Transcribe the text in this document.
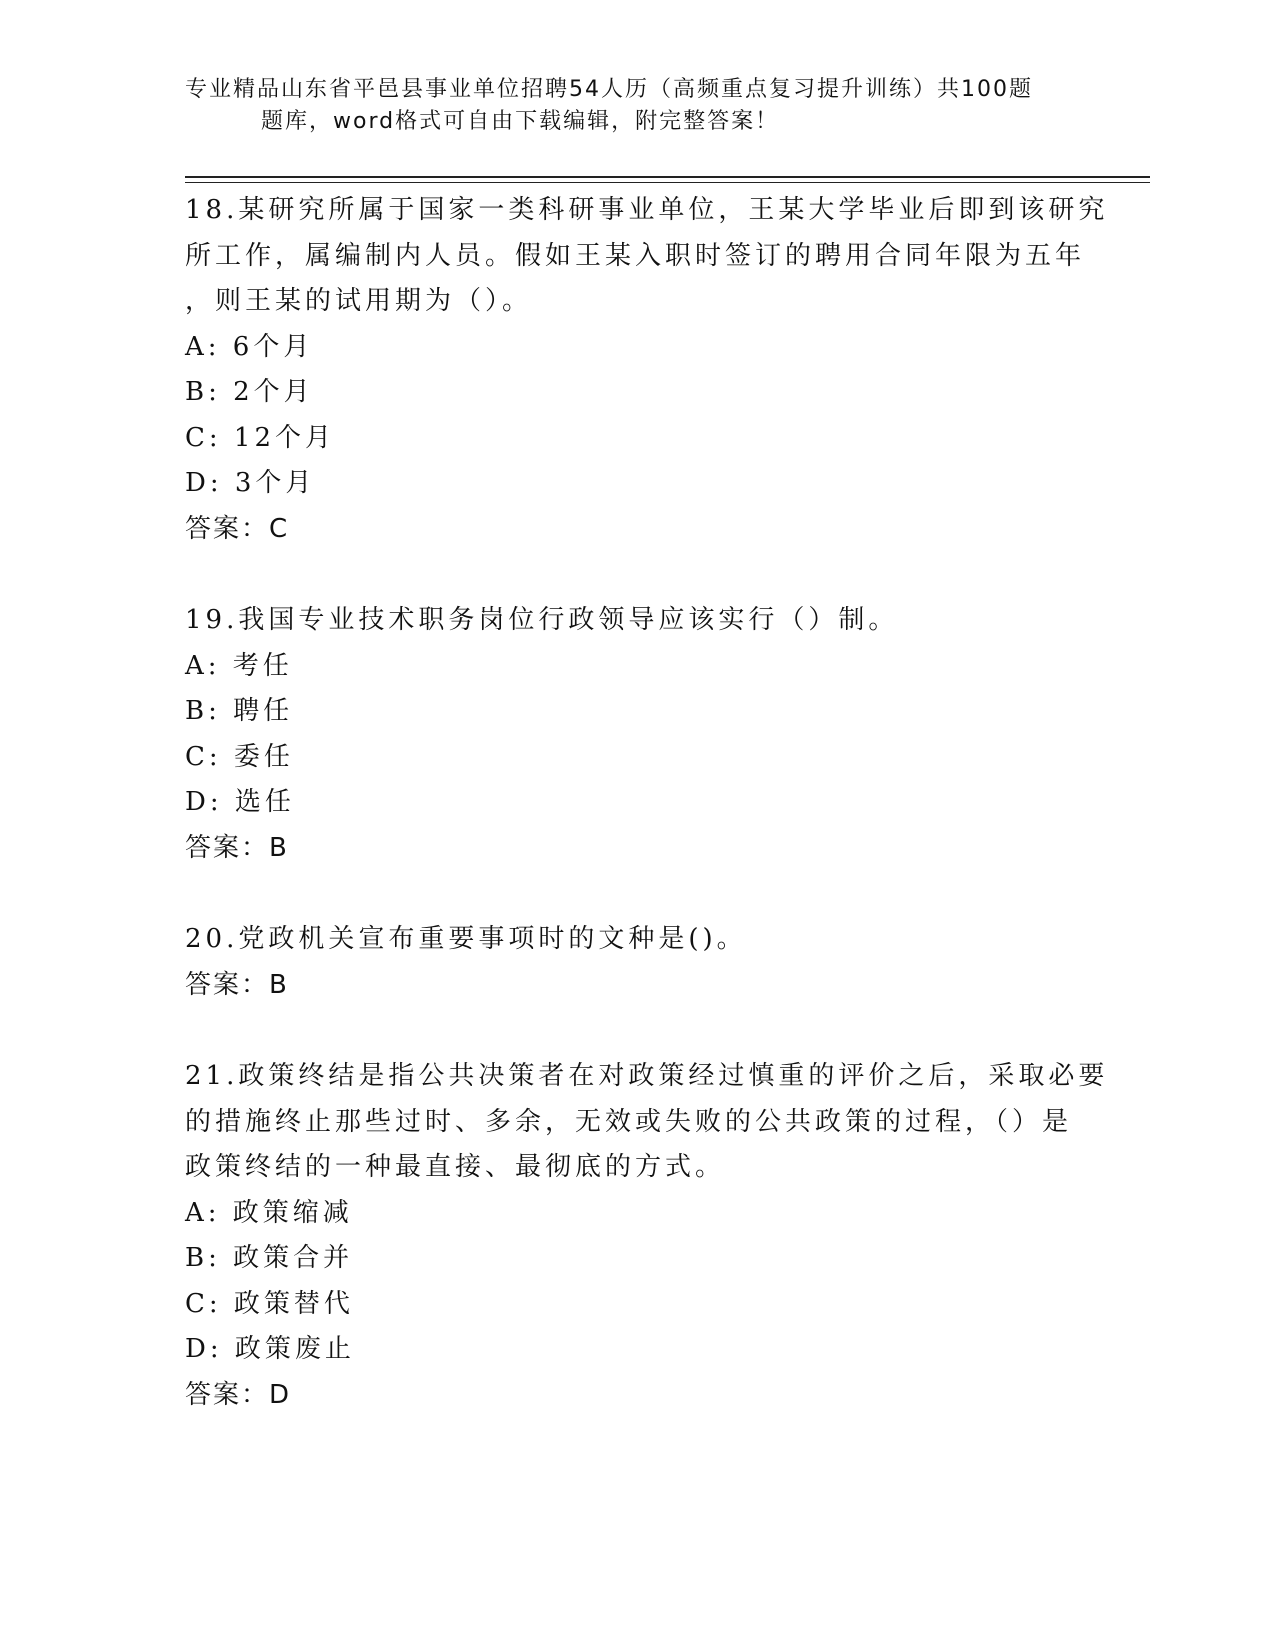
专业精品山东省平邑县事业单位招聘54人历（高频重点复习提升训练）共100题
题库，word格式可自由下载编辑，附完整答案！
18.某研究所属于国家一类科研事业单位，王某大学毕业后即到该研究
所工作，属编制内人员。假如王某入职时签订的聘用合同年限为五年
，则王某的试用期为（）。
A: 6个月
B: 2个月
C: 12个月
D: 3个月
答案：C
19.我国专业技术职务岗位行政领导应该实行（）制。
A: 考任
B: 聘任
C: 委任
D: 选任
答案：B
20.党政机关宣布重要事项时的文种是()。
答案：B
21.政策终结是指公共决策者在对政策经过慎重的评价之后，采取必要
的措施终止那些过时、多余，无效或失败的公共政策的过程，（）是
政策终结的一种最直接、最彻底的方式。
A: 政策缩减
B: 政策合并
C: 政策替代
D: 政策废止
答案：D
